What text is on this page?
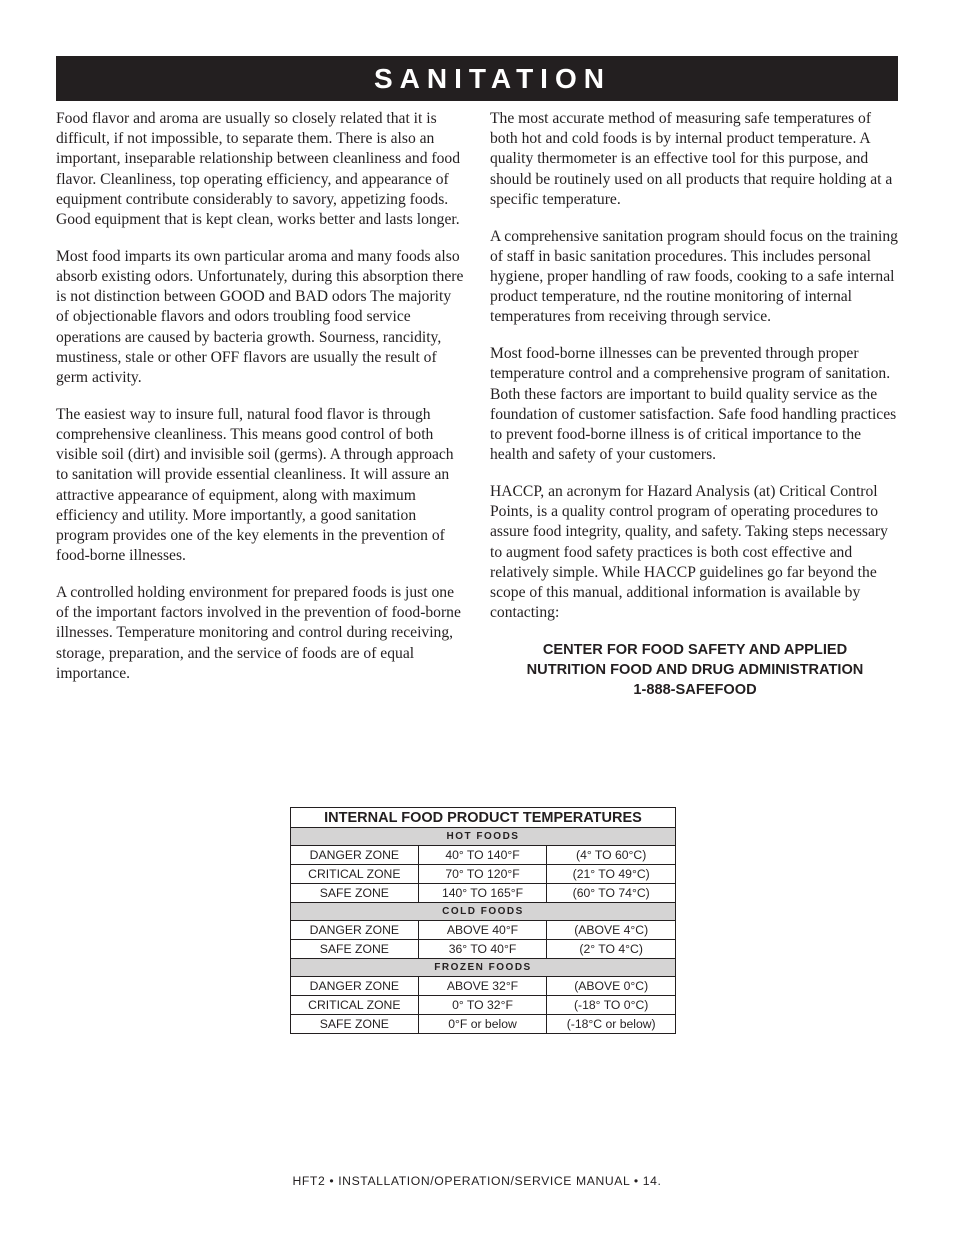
SANITATION

Food flavor and aroma are usually so closely related that it is difficult, if not impossible, to separate them. There is also an important, inseparable relationship between cleanliness and food flavor. Cleanliness, top operating efficiency, and appearance of equipment contribute considerably to savory, appetizing foods. Good equipment that is kept clean, works better and lasts longer.

Most food imparts its own particular aroma and many foods also absorb existing odors. Unfortunately, during this absorption there is not distinction between GOOD and BAD odors The majority of objectionable flavors and odors troubling food service operations are caused by bacteria growth. Sourness, rancidity, mustiness, stale or other OFF flavors are usually the result of germ activity.

The easiest way to insure full, natural food flavor is through comprehensive cleanliness. This means good control of both visible soil (dirt) and invisible soil (germs). A through approach to sanitation will provide essential cleanliness. It will assure an attractive appearance of equipment, along with maximum efficiency and utility. More importantly, a good sanitation program provides one of the key elements in the prevention of food-borne illnesses.

A controlled holding environment for prepared foods is just one of the important factors involved in the prevention of food-borne illnesses. Temperature monitoring and control during receiving, storage, preparation, and the service of foods are of equal importance.

The most accurate method of measuring safe temperatures of both hot and cold foods is by internal product temperature. A quality thermometer is an effective tool for this purpose, and should be routinely used on all products that require holding at a specific temperature.

A comprehensive sanitation program should focus on the training of staff in basic sanitation procedures. This includes personal hygiene, proper handling of raw foods, cooking to a safe internal product temperature, nd the routine monitoring of internal temperatures from receiving through service.

Most food-borne illnesses can be prevented through proper temperature control and a comprehensive program of sanitation. Both these factors are important to build quality service as the foundation of customer satisfaction. Safe food handling practices to prevent food-borne illness is of critical importance to the health and safety of your customers.

HACCP, an acronym for Hazard Analysis (at) Critical Control Points, is a quality control program of operating procedures to assure food integrity, quality, and safety. Taking steps necessary to augment food safety practices is both cost effective and relatively simple. While HACCP guidelines go far beyond the scope of this manual, additional information is available by contacting:

CENTER FOR FOOD SAFETY AND APPLIED
NUTRITION FOOD AND DRUG ADMINISTRATION
1-888-SAFEFOOD
INTERNAL FOOD PRODUCT TEMPERATURES		
HOT FOODS		
DANGER ZONE	40° TO 140°F	(4° TO 60°C)
CRITICAL ZONE	70° TO 120°F	(21° TO 49°C)
SAFE ZONE	140° TO 165°F	(60° TO 74°C)
COLD FOODS		
DANGER ZONE	ABOVE 40°F	(ABOVE 4°C)
SAFE ZONE	36° TO 40°F	(2° TO 4°C)
FROZEN FOODS		
DANGER ZONE	ABOVE 32°F	(ABOVE 0°C)
CRITICAL ZONE	0° TO 32°F	(-18° TO 0°C)
SAFE ZONE	0°F or below	(-18°C or below)
HFT2 • INSTALLATION/OPERATION/SERVICE MANUAL • 14.
